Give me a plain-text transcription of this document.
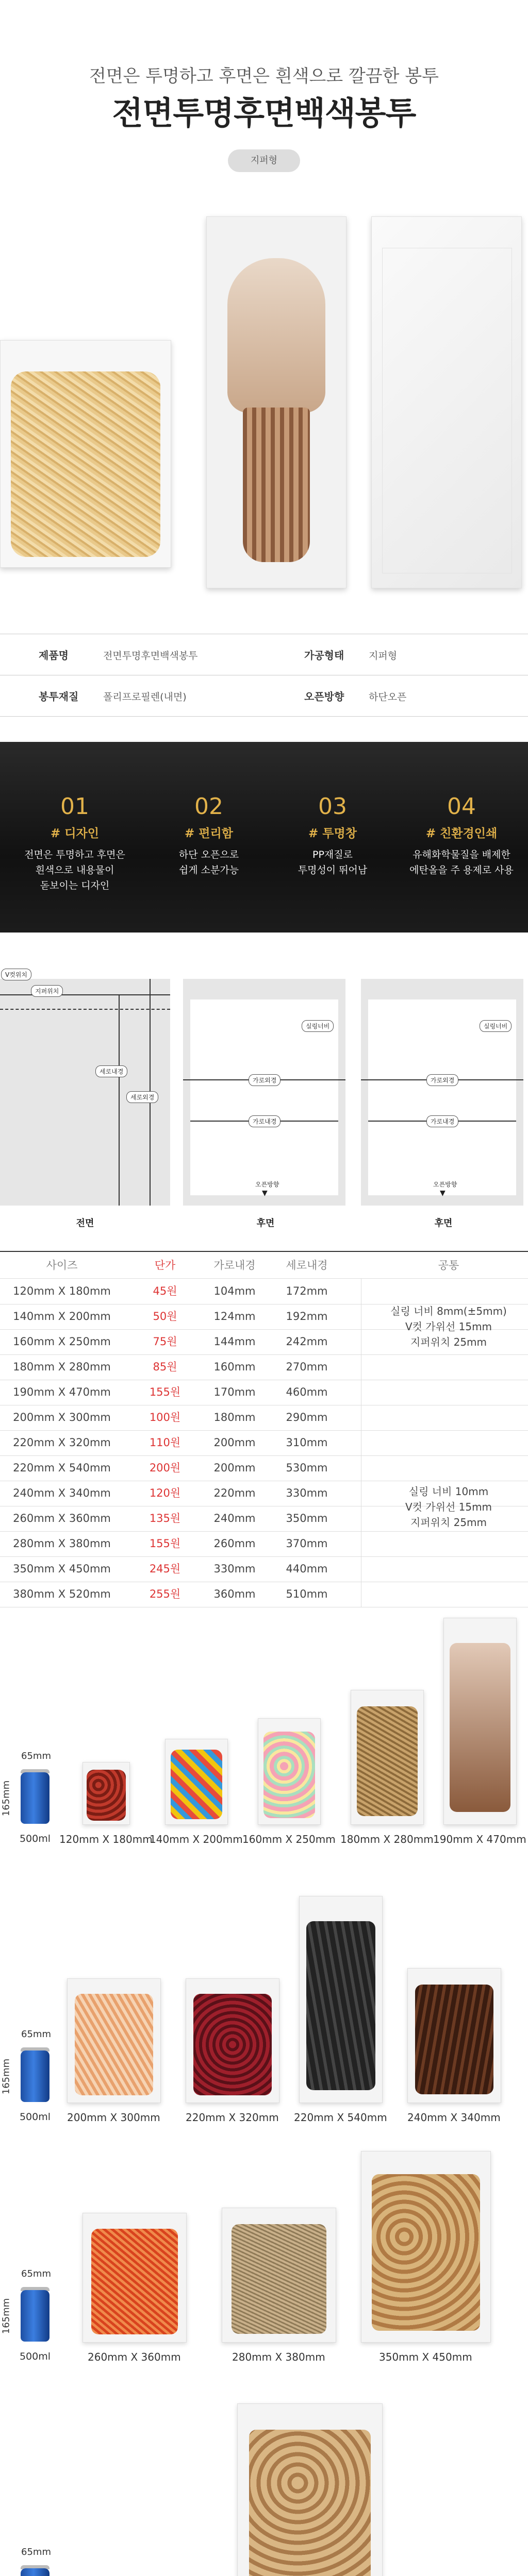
전면은 투명하고 후면은 흰색으로 깔끔한 봉투
전면투명후면백색봉투
지퍼형
제품명	전면투명후면백색봉투	가공형태	지퍼형
봉투재질	폴리프로필렌(내면)	오픈방향	하단오픈
01
# 디자인
전면은 투명하고 후면은
흰색으로 내용물이
돋보이는 디자인
02
# 편리함
하단 오픈으로
쉽게 소분가능
03
# 투명창
PP재질로
투명성이 뛰어남
04
# 친환경인쇄
유해화학물질을 배제한
에탄올을 주 용제로 사용
V컷위치
지퍼위치
세로내경
세로외경
전면
실링너비
가로외경
가로내경
오픈방향
▼
후면
실링너비
가로외경
가로내경
오픈방향
▼
후면
사이즈	단가	가로내경	세로내경	공통
120mm X 180mm	45원	104mm	172mm
140mm X 200mm	50원	124mm	192mm
160mm X 250mm	75원	144mm	242mm
180mm X 280mm	85원	160mm	270mm
190mm X 470mm	155원	170mm	460mm
200mm X 300mm	100원	180mm	290mm
220mm X 320mm	110원	200mm	310mm
220mm X 540mm	200원	200mm	530mm
240mm X 340mm	120원	220mm	330mm
260mm X 360mm	135원	240mm	350mm
280mm X 380mm	155원	260mm	370mm
350mm X 450mm	245원	330mm	440mm
380mm X 520mm	255원	360mm	510mm
실링 너비 8mm(±5mm)
V컷 가위선 15mm
지퍼위치 25mm
실링 너비 10mm
V컷 가위선 15mm
지퍼위치 25mm
65mm
165mm
500ml 120mm X 180mm
140mm X 200mm 160mm X 250mm 180mm X 280mm 190mm X 470mm
65mm
165mm
500ml	200mm X 300mm 220mm X 320mm 220mm X 540mm 240mm X 340mm
65mm
165mm
500ml	260mm X 360mm	280mm X 380mm	350mm X 450mm
65mm
